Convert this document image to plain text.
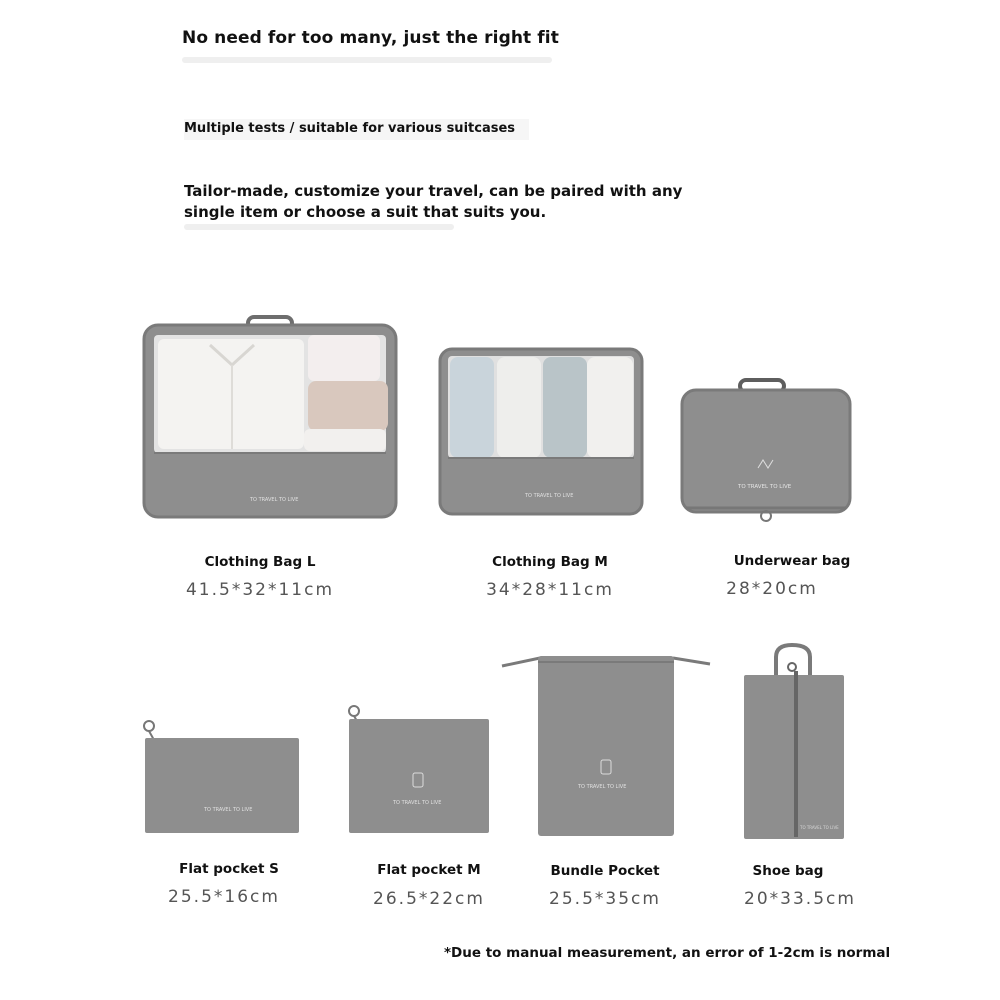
No need for too many, just the right fit
Multiple tests / suitable for various suitcases
Tailor-made, customize your travel, can be paired with any single item or choose a suit that suits you.
TO TRAVEL TO LIVE
TO TRAVEL TO LIVE
TO TRAVEL TO LIVE
TO TRAVEL TO LIVE
TO TRAVEL TO LIVE
TO TRAVEL TO LIVE
TO TRAVEL TO LIVE
Clothing Bag L
41.5*32*11cm
Clothing Bag M
34*28*11cm
Underwear bag
28*20cm
Flat pocket S
25.5*16cm
Flat pocket M
26.5*22cm
Bundle Pocket
25.5*35cm
Shoe bag
20*33.5cm
*Due to manual measurement, an error of 1-2cm is normal
